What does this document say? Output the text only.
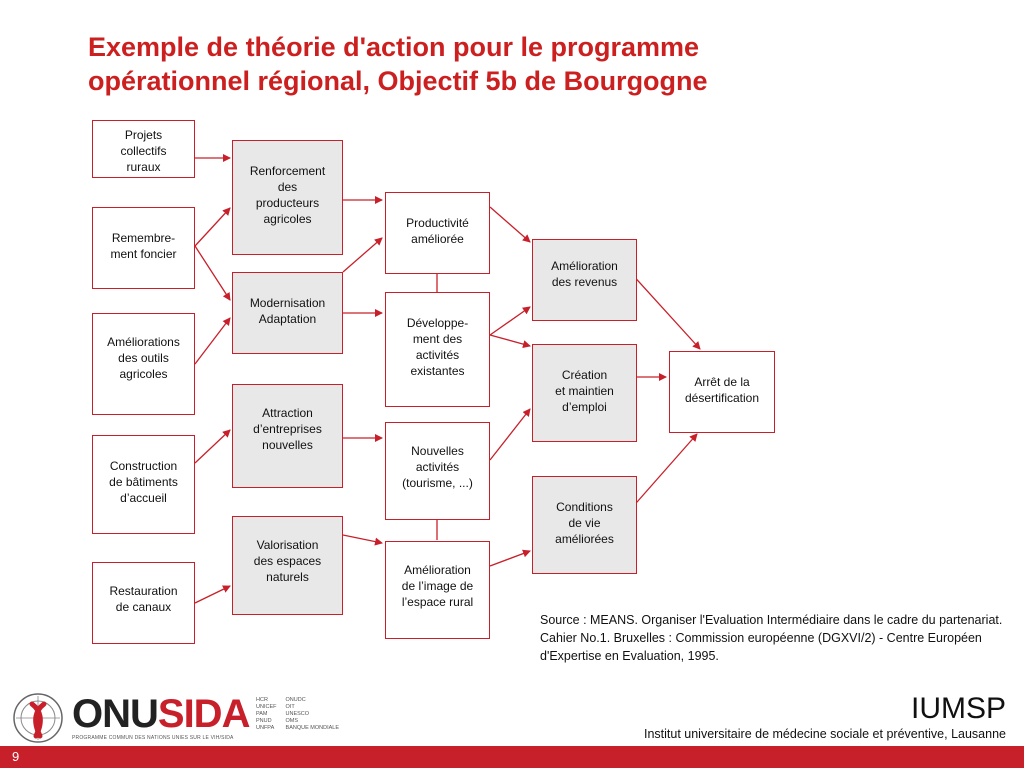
Exemple de théorie d'action pour le programme
opérationnel régional, Objectif 5b de Bourgogne
Projets
collectifs
ruraux
Remembre-
ment foncier
Améliorations
des outils
agricoles
Construction
de bâtiments
d’accueil
Restauration
de canaux
Renforcement
des
producteurs
agricoles
Modernisation
Adaptation
Attraction
d’entreprises
nouvelles
Valorisation
des espaces
naturels
Productivité
améliorée
Développe-
ment des
activités
existantes
Nouvelles
activités
(tourisme, ...)
Amélioration
de l’image de
l’espace rural
Amélioration
des revenus
Création
et maintien
d’emploi
Conditions
de vie
améliorées
Arrêt de la
désertification
Source : MEANS. Organiser l'Evaluation Intermédiaire dans le cadre du partenariat. Cahier No.1. Bruxelles : Commission européenne (DGXVI/2) - Centre Européen d'Expertise en Evaluation, 1995.
ONUSIDA
PROGRAMME COMMUN DES NATIONS UNIES SUR LE VIH/SIDA
HCR
UNICEF
PAM
PNUD
UNFPA

ONUDC
OIT
UNESCO
OMS
BANQUE MONDIALE
IUMSP
Institut universitaire de médecine sociale et préventive, Lausanne
9
